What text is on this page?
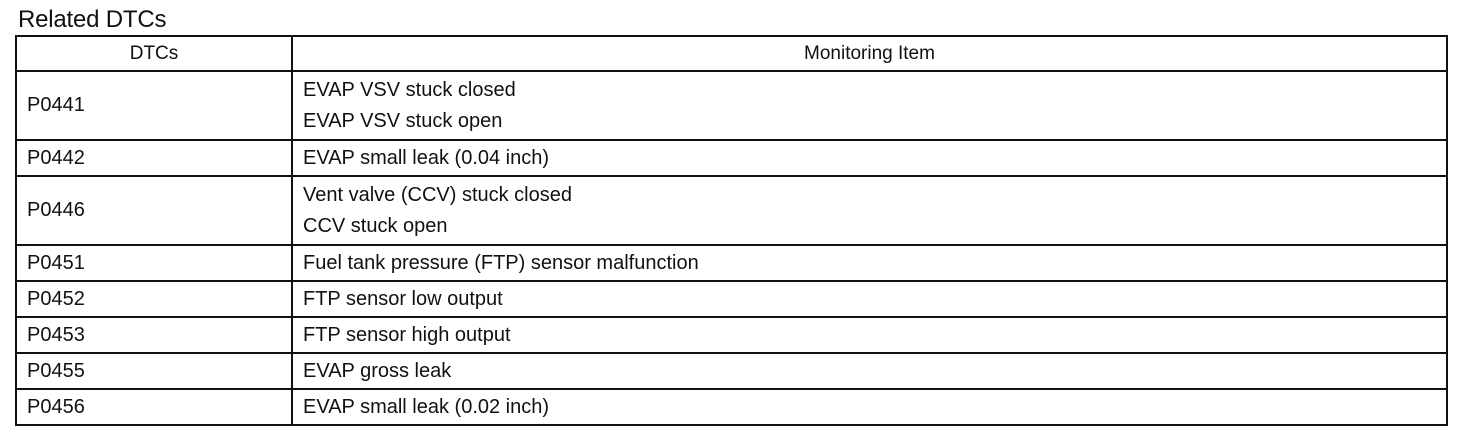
Related DTCs
DTCs	Monitoring Item
P0441	EVAP VSV stuck closed
EVAP VSV stuck open

P0442	EVAP small leak (0.04 inch)

P0446	Vent valve (CCV) stuck closed
CCV stuck open

P0451	Fuel tank pressure (FTP) sensor malfunction

P0452	FTP sensor low output

P0453	FTP sensor high output

P0455	EVAP gross leak

P0456	EVAP small leak (0.02 inch)
